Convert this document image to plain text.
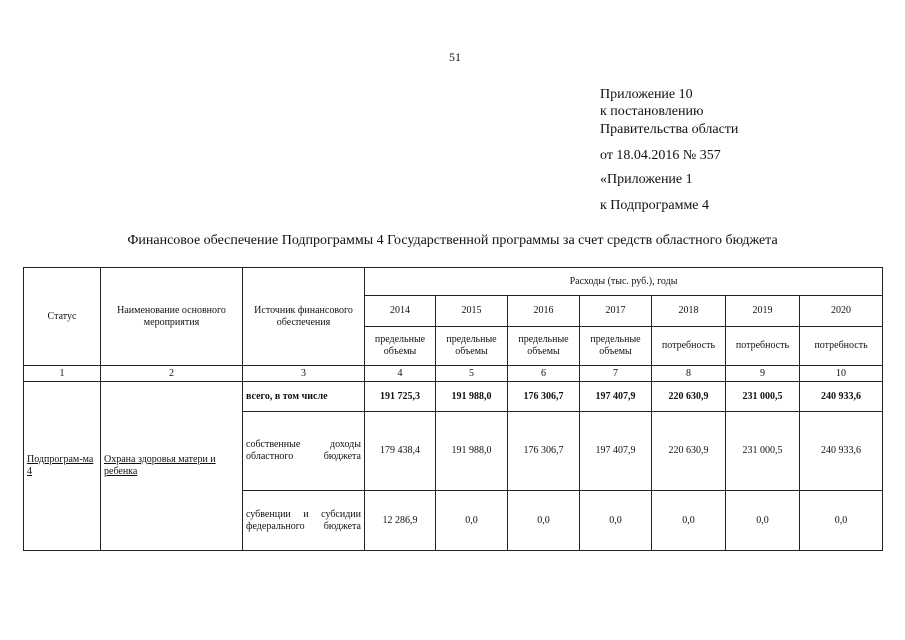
51
Приложение 10
к постановлению
Правительства области
от 18.04.2016 № 357
«Приложение 1
к Подпрограмме 4
Финансовое обеспечение Подпрограммы 4 Государственной программы за счет средств областного бюджета
Статус	Наименование основного мероприятия	Источник финансового обеспечения	Расходы (тыс. руб.), годы						
			2014	2015	2016	2017	2018	2019	2020
			предельные объемы	предельные объемы	предельные объемы	предельные объемы	потребность	потребность	потребность
1	2	3	4	5	6	7	8	9	10
Подпрограм-ма 4	Охрана здоровья матери и ребенка	всего, в том числе	191 725,3	191 988,0	176 306,7	197 407,9	220 630,9	231 000,5	240 933,6
		собственные доходы областного бюджета	179 438,4	191 988,0	176 306,7	197 407,9	220 630,9	231 000,5	240 933,6
		субвенции и субсидии федерального бюджета	12 286,9	0,0	0,0	0,0	0,0	0,0	0,0
